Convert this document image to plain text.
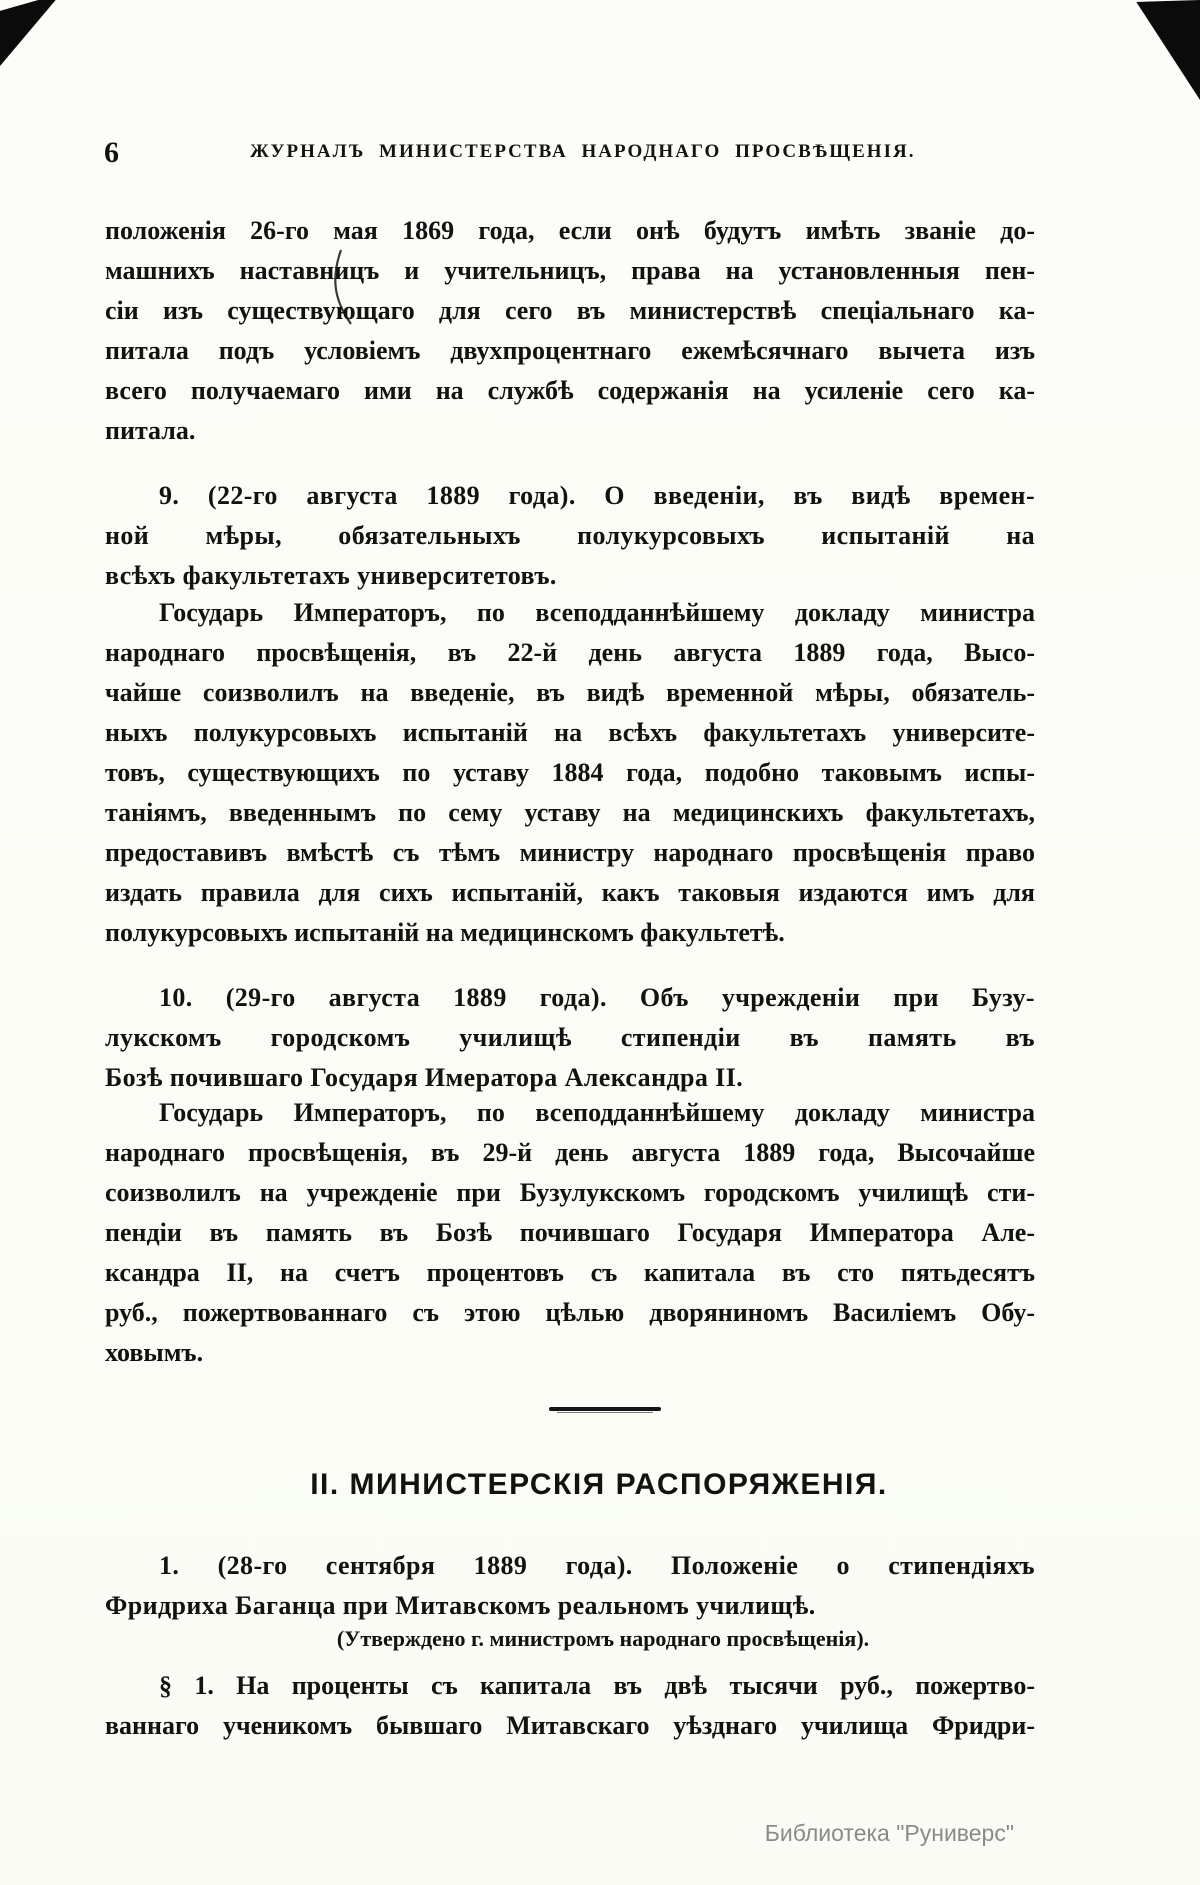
6	ЖУРНАЛЪ МИНИСТЕРСТВА НАРОДНАГО ПРОСВѢЩЕНІЯ.
положенія 26-го мая 1869 года, если онѣ будутъ имѣть званіе до-
машнихъ наставницъ и учительницъ, права на установленныя пен-
сіи изъ существующаго для сего въ министерствѣ спеціальнаго ка-
питала подъ условіемъ двухпроцентнаго ежемѣсячнаго вычета изъ
всего получаемаго ими на службѣ содержанія на усиленіе сего ка-
питала.
9. (22-го августа 1889 года). О введеніи, въ видѣ времен-
ной мѣры, обязательныхъ полукурсовыхъ испытаній на
всѣхъ факультетахъ университетовъ.
Государь Императоръ, по всеподданнѣйшему докладу министра
народнаго просвѣщенія, въ 22-й день августа 1889 года, Высо-
чайше соизволилъ на введеніе, въ видѣ временной мѣры, обязатель-
ныхъ полукурсовыхъ испытаній на всѣхъ факультетахъ университе-
товъ, существующихъ по уставу 1884 года, подобно таковымъ испы-
таніямъ, введеннымъ по сему уставу на медицинскихъ факультетахъ,
предоставивъ вмѣстѣ съ тѣмъ министру народнаго просвѣщенія право
издать правила для сихъ испытаній, какъ таковыя издаются имъ для
полукурсовыхъ испытаній на медицинскомъ факультетѣ.
10. (29-го августа 1889 года). Объ учрежденіи при Бузу-
лукскомъ городскомъ училищѣ стипендіи въ память въ
Бозѣ почившаго Государя Имератора Александра II.
Государь Императоръ, по всеподданнѣйшему докладу министра
народнаго просвѣщенія, въ 29-й день августа 1889 года, Высочайше
соизволилъ на учрежденіе при Бузулукскомъ городскомъ училищѣ сти-
пендіи въ память въ Бозѣ почившаго Государя Императора Але-
ксандра II, на счетъ процентовъ съ капитала въ сто пятьдесятъ
руб., пожертвованнаго съ этою цѣлью дворяниномъ Василіемъ Обу-
ховымъ.
II. МИНИСТЕРСКІЯ РАСПОРЯЖЕНІЯ.
1. (28-го сентября 1889 года). Положеніе о стипендіяхъ
Фридриха Баганца при Митавскомъ реальномъ училищѣ.
(Утверждено г. министромъ народнаго просвѣщенія).
§ 1. На проценты съ капитала въ двѣ тысячи руб., пожертво-
ваннаго ученикомъ бывшаго Митавскаго уѣзднаго училища Фридри-
Библиотека "Руниверс"
